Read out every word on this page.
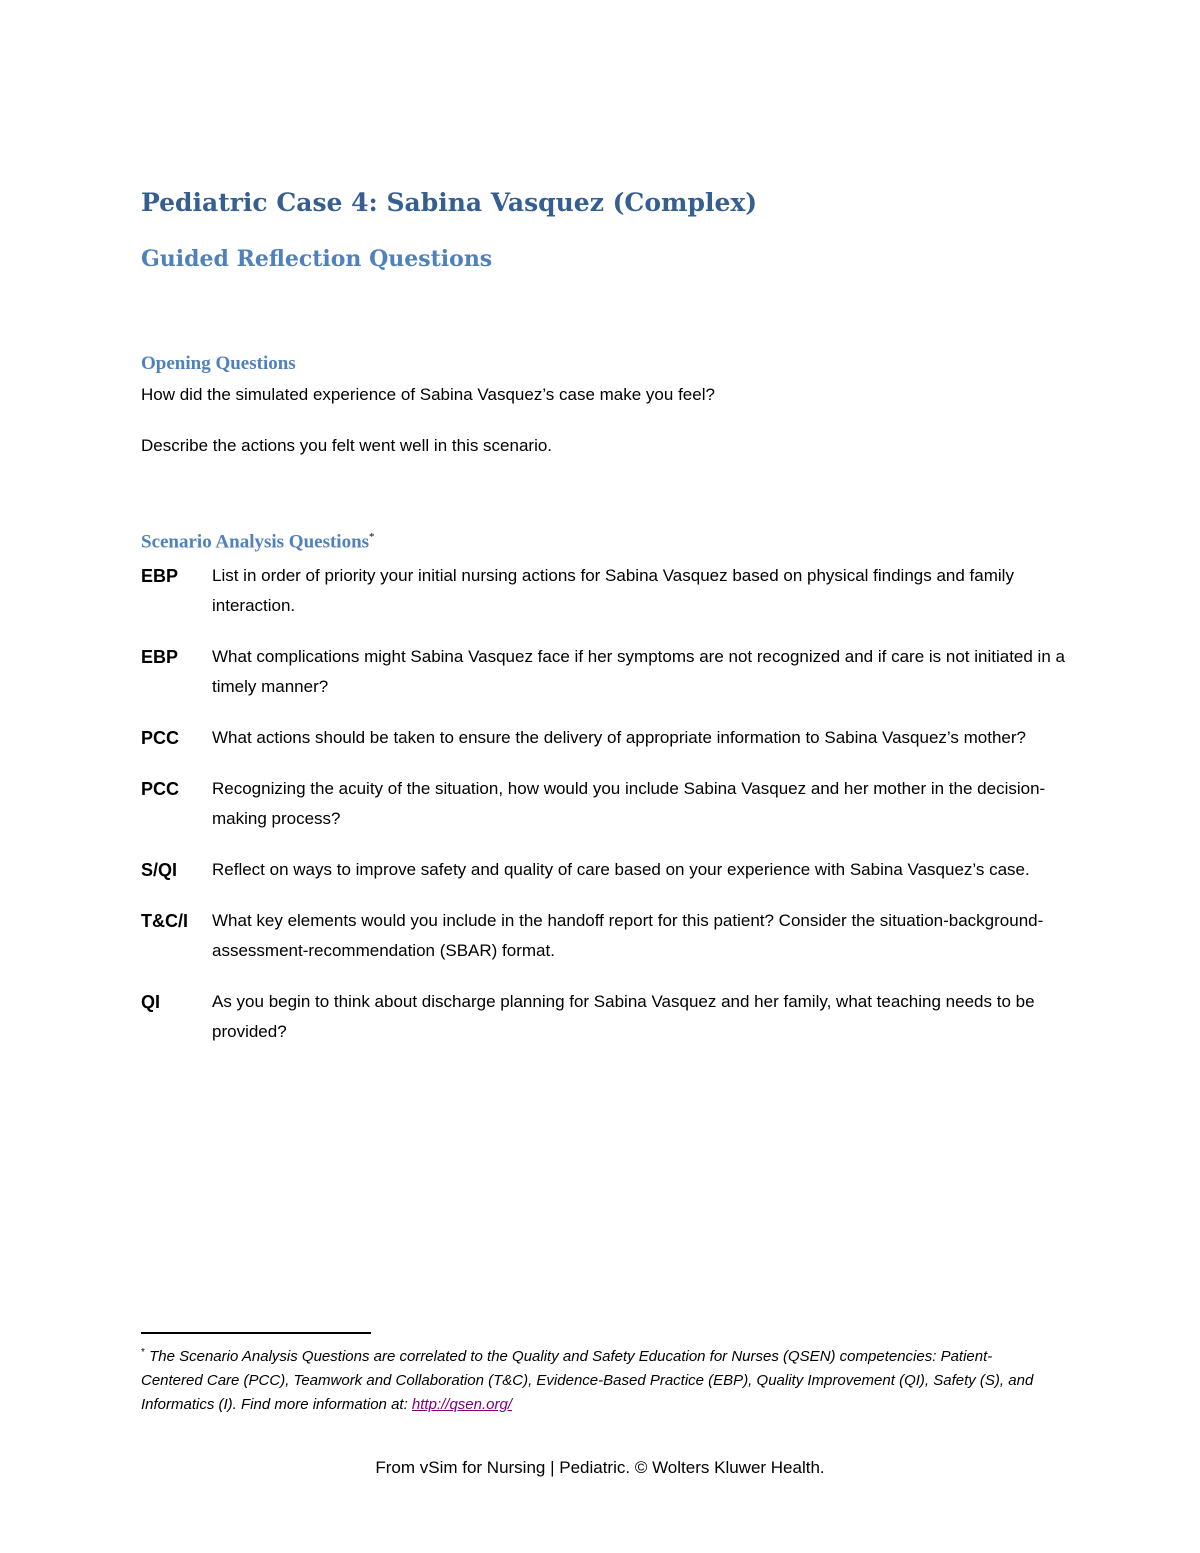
Pediatric Case 4: Sabina Vasquez (Complex)
Guided Reflection Questions
Opening Questions
How did the simulated experience of Sabina Vasquez’s case make you feel?
Describe the actions you felt went well in this scenario.
Scenario Analysis Questions*
EBP	List in order of priority your initial nursing actions for Sabina Vasquez based on physical findings and family interaction.
EBP	What complications might Sabina Vasquez face if her symptoms are not recognized and if care is not initiated in a timely manner?
PCC	What actions should be taken to ensure the delivery of appropriate information to Sabina Vasquez’s mother?
PCC	Recognizing the acuity of the situation, how would you include Sabina Vasquez and her mother in the decision-making process?
S/QI	Reflect on ways to improve safety and quality of care based on your experience with Sabina Vasquez’s case.
T&C/I	What key elements would you include in the handoff report for this patient? Consider the situation-background-assessment-recommendation (SBAR) format.
QI	As you begin to think about discharge planning for Sabina Vasquez and her family, what teaching needs to be provided?
* The Scenario Analysis Questions are correlated to the Quality and Safety Education for Nurses (QSEN) competencies: Patient-Centered Care (PCC), Teamwork and Collaboration (T&C), Evidence-Based Practice (EBP), Quality Improvement (QI), Safety (S), and Informatics (I). Find more information at: http://qsen.org/
From vSim for Nursing | Pediatric. © Wolters Kluwer Health.
